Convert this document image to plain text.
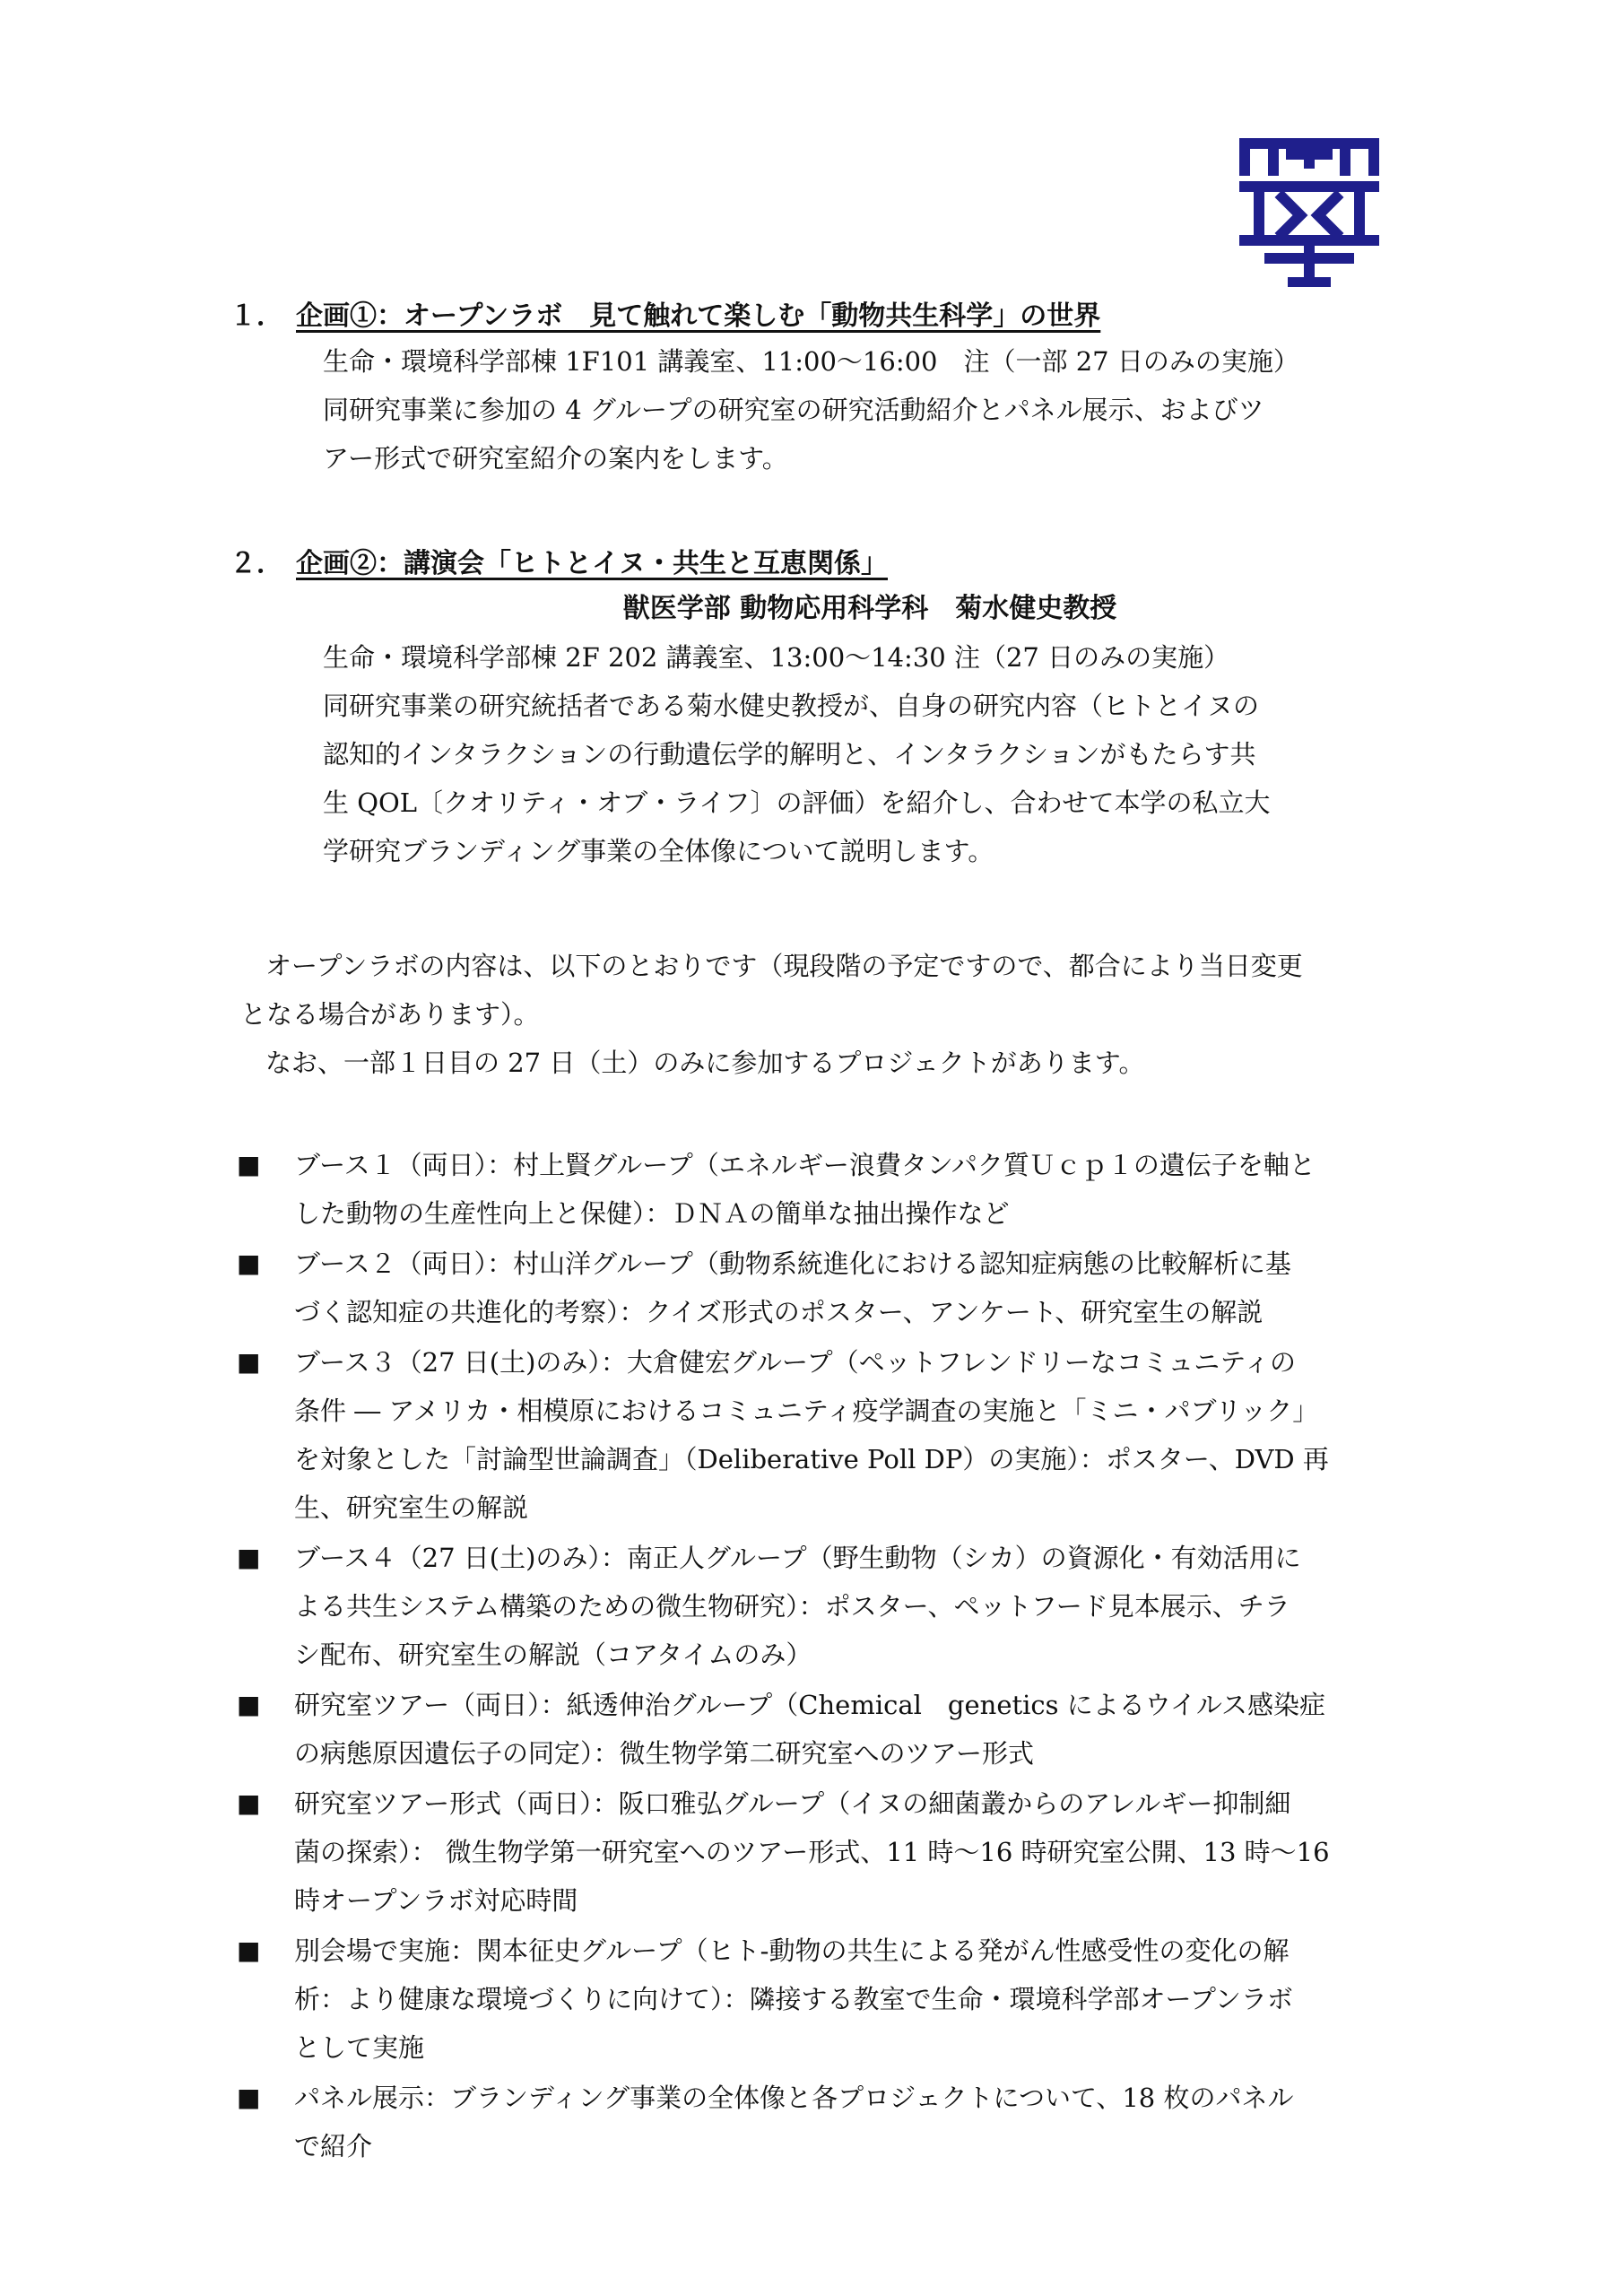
１． 企画①：オープンラボ　見て触れて楽しむ「動物共生科学」の世界
生命・環境科学部棟 1F101 講義室、11:00～16:00　注（一部 27 日のみの実施）
同研究事業に参加の 4 グループの研究室の研究活動紹介とパネル展示、およびツ
アー形式で研究室紹介の案内をします。
２． 企画②：講演会「ヒトとイヌ・共生と互恵関係」
獣医学部 動物応用科学科　菊水健史教授
生命・環境科学部棟 2F 202 講義室、13:00～14:30 注（27 日のみの実施）
同研究事業の研究統括者である菊水健史教授が、自身の研究内容（ヒトとイヌの
認知的インタラクションの行動遺伝学的解明と、インタラクションがもたらす共
生 QOL〔クオリティ・オブ・ライフ〕の評価）を紹介し、合わせて本学の私立大
学研究ブランディング事業の全体像について説明します。
オープンラボの内容は、以下のとおりです（現段階の予定ですので、都合により当日変更
となる場合があります）。
なお、一部１日目の 27 日（土）のみに参加するプロジェクトがあります。
■ ブース１（両日）：村上賢グループ（エネルギー浪費タンパク質Ｕｃｐ１の遺伝子を軸と
した動物の生産性向上と保健）：ＤＮＡの簡単な抽出操作など
■ ブース２（両日）：村山洋グループ（動物系統進化における認知症病態の比較解析に基
づく認知症の共進化的考察）：クイズ形式のポスター、アンケート、研究室生の解説
■ ブース３（27 日(土)のみ）：大倉健宏グループ（ペットフレンドリーなコミュニティの
条件 ― アメリカ・相模原におけるコミュニティ疫学調査の実施と「ミニ・パブリック」
を対象とした「討論型世論調査」（Deliberative Poll DP）の実施）：ポスター、DVD 再
生、研究室生の解説
■ ブース４（27 日(土)のみ）：南正人グループ（野生動物（シカ）の資源化・有効活用に
よる共生システム構築のための微生物研究）：ポスター、ペットフード見本展示、チラ
シ配布、研究室生の解説（コアタイムのみ）
■ 研究室ツアー（両日）：紙透伸治グループ（Chemical　genetics によるウイルス感染症
の病態原因遺伝子の同定）：微生物学第二研究室へのツアー形式
■ 研究室ツアー形式（両日）：阪口雅弘グループ（イヌの細菌叢からのアレルギー抑制細
菌の探索）： 微生物学第一研究室へのツアー形式、11 時～16 時研究室公開、13 時～16
時オープンラボ対応時間
■ 別会場で実施：関本征史グループ（ヒト-動物の共生による発がん性感受性の変化の解
析：より健康な環境づくりに向けて）：隣接する教室で生命・環境科学部オープンラボ
として実施
■ パネル展示：ブランディング事業の全体像と各プロジェクトについて、18 枚のパネル
で紹介
